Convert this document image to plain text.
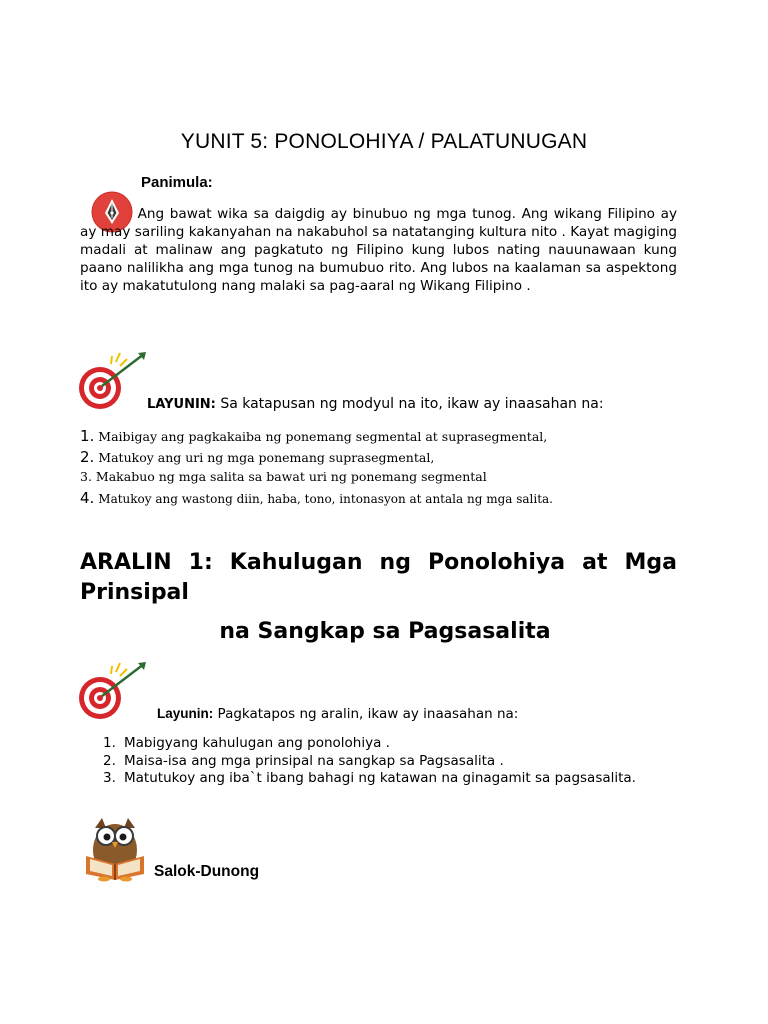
YUNIT 5: PONOLOHIYA / PALATUNUGAN
Panimula:
Ang bawat wika sa daigdig ay binubuo ng mga tunog. Ang wikang Filipino ay ay may sariling kakanyahan na nakabuhol sa natatanging kultura nito . Kayat magiging madali at malinaw ang pagkatuto ng Filipino kung lubos nating nauunawaan kung paano nalilikha ang mga tunog na bumubuo rito. Ang lubos na kaalaman sa aspektong ito ay makatutulong nang malaki sa pag-aaral ng Wikang Filipino .
LAYUNIN: Sa katapusan ng modyul na ito, ikaw ay inaasahan na:
1. Maibigay ang pagkakaiba ng ponemang segmental at suprasegmental,
2. Matukoy ang uri ng mga ponemang suprasegmental,
3. Makabuo ng mga salita sa bawat uri ng ponemang segmental
4. Matukoy ang wastong diin, haba, tono, intonasyon at antala ng mga salita.
ARALIN 1: Kahulugan ng Ponolohiya at Mga Prinsipal
na Sangkap sa Pagsasalita
Layunin: Pagkatapos ng aralin, ikaw ay inaasahan na:
1. Mabigyang kahulugan ang ponolohiya .
2. Maisa-isa ang mga prinsipal na sangkap sa Pagsasalita .
3. Matutukoy ang iba`t ibang bahagi ng katawan na ginagamit sa pagsasalita.
Salok-Dunong
